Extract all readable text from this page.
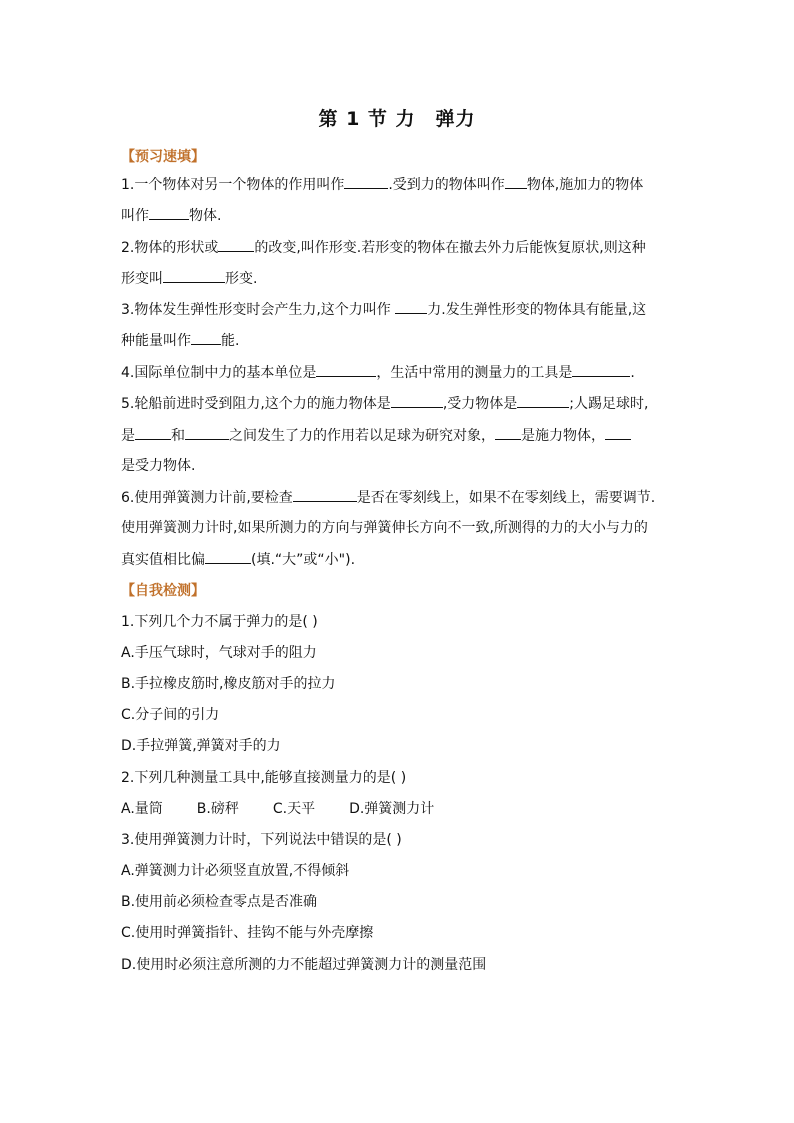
第 1 节 力　弹力
【预习速填】
1.一个物体对另一个物体的作用叫作	.受到力的物体叫作 物体,施加力的物体
叫作	物体.
2.物体的形状或	的改变,叫作形变.若形变的物体在撤去外力后能恢复原状,则这种
形变叫	形变.
3.物体发生弹性形变时会产生力,这个力叫作 力.发生弹性形变的物体具有能量,这
种能量叫作 能.
4.国际单位制中力的基本单位是	，生活中常用的测量力的工具是	.
5.轮船前进时受到阻力,这个力的施力物体是	,受力物体是	;人踢足球时,
是	和	之间发生了力的作用若以足球为研究对象， 是施力物体，
是受力物体.
6.使用弹簧测力计前,要检查	是否在零刻线上，如果不在零刻线上，需要调节.
使用弹簧测力计时,如果所测力的方向与弹簧伸长方向不一致,所测得的力的大小与力的
真实值相比偏	(填.“大”或“小").
【自我检测】
1.下列几个力不属于弹力的是( )
A.手压气球时，气球对手的阻力
B.手拉橡皮筋时,橡皮筋对手的拉力
C.分子间的引力
D.手拉弹簧,弹簧对手的力
2.下列几种测量工具中,能够直接测量力的是( )
A.量筒 B.磅秤 C.天平 D.弹簧测力计
3.使用弹簧测力计时，下列说法中错误的是( )
A.弹簧测力计必须竖直放置,不得倾斜
B.使用前必须检查零点是否准确
C.使用时弹簧指针、挂钩不能与外壳摩擦
D.使用时必须注意所测的力不能超过弹簧测力计的测量范围
